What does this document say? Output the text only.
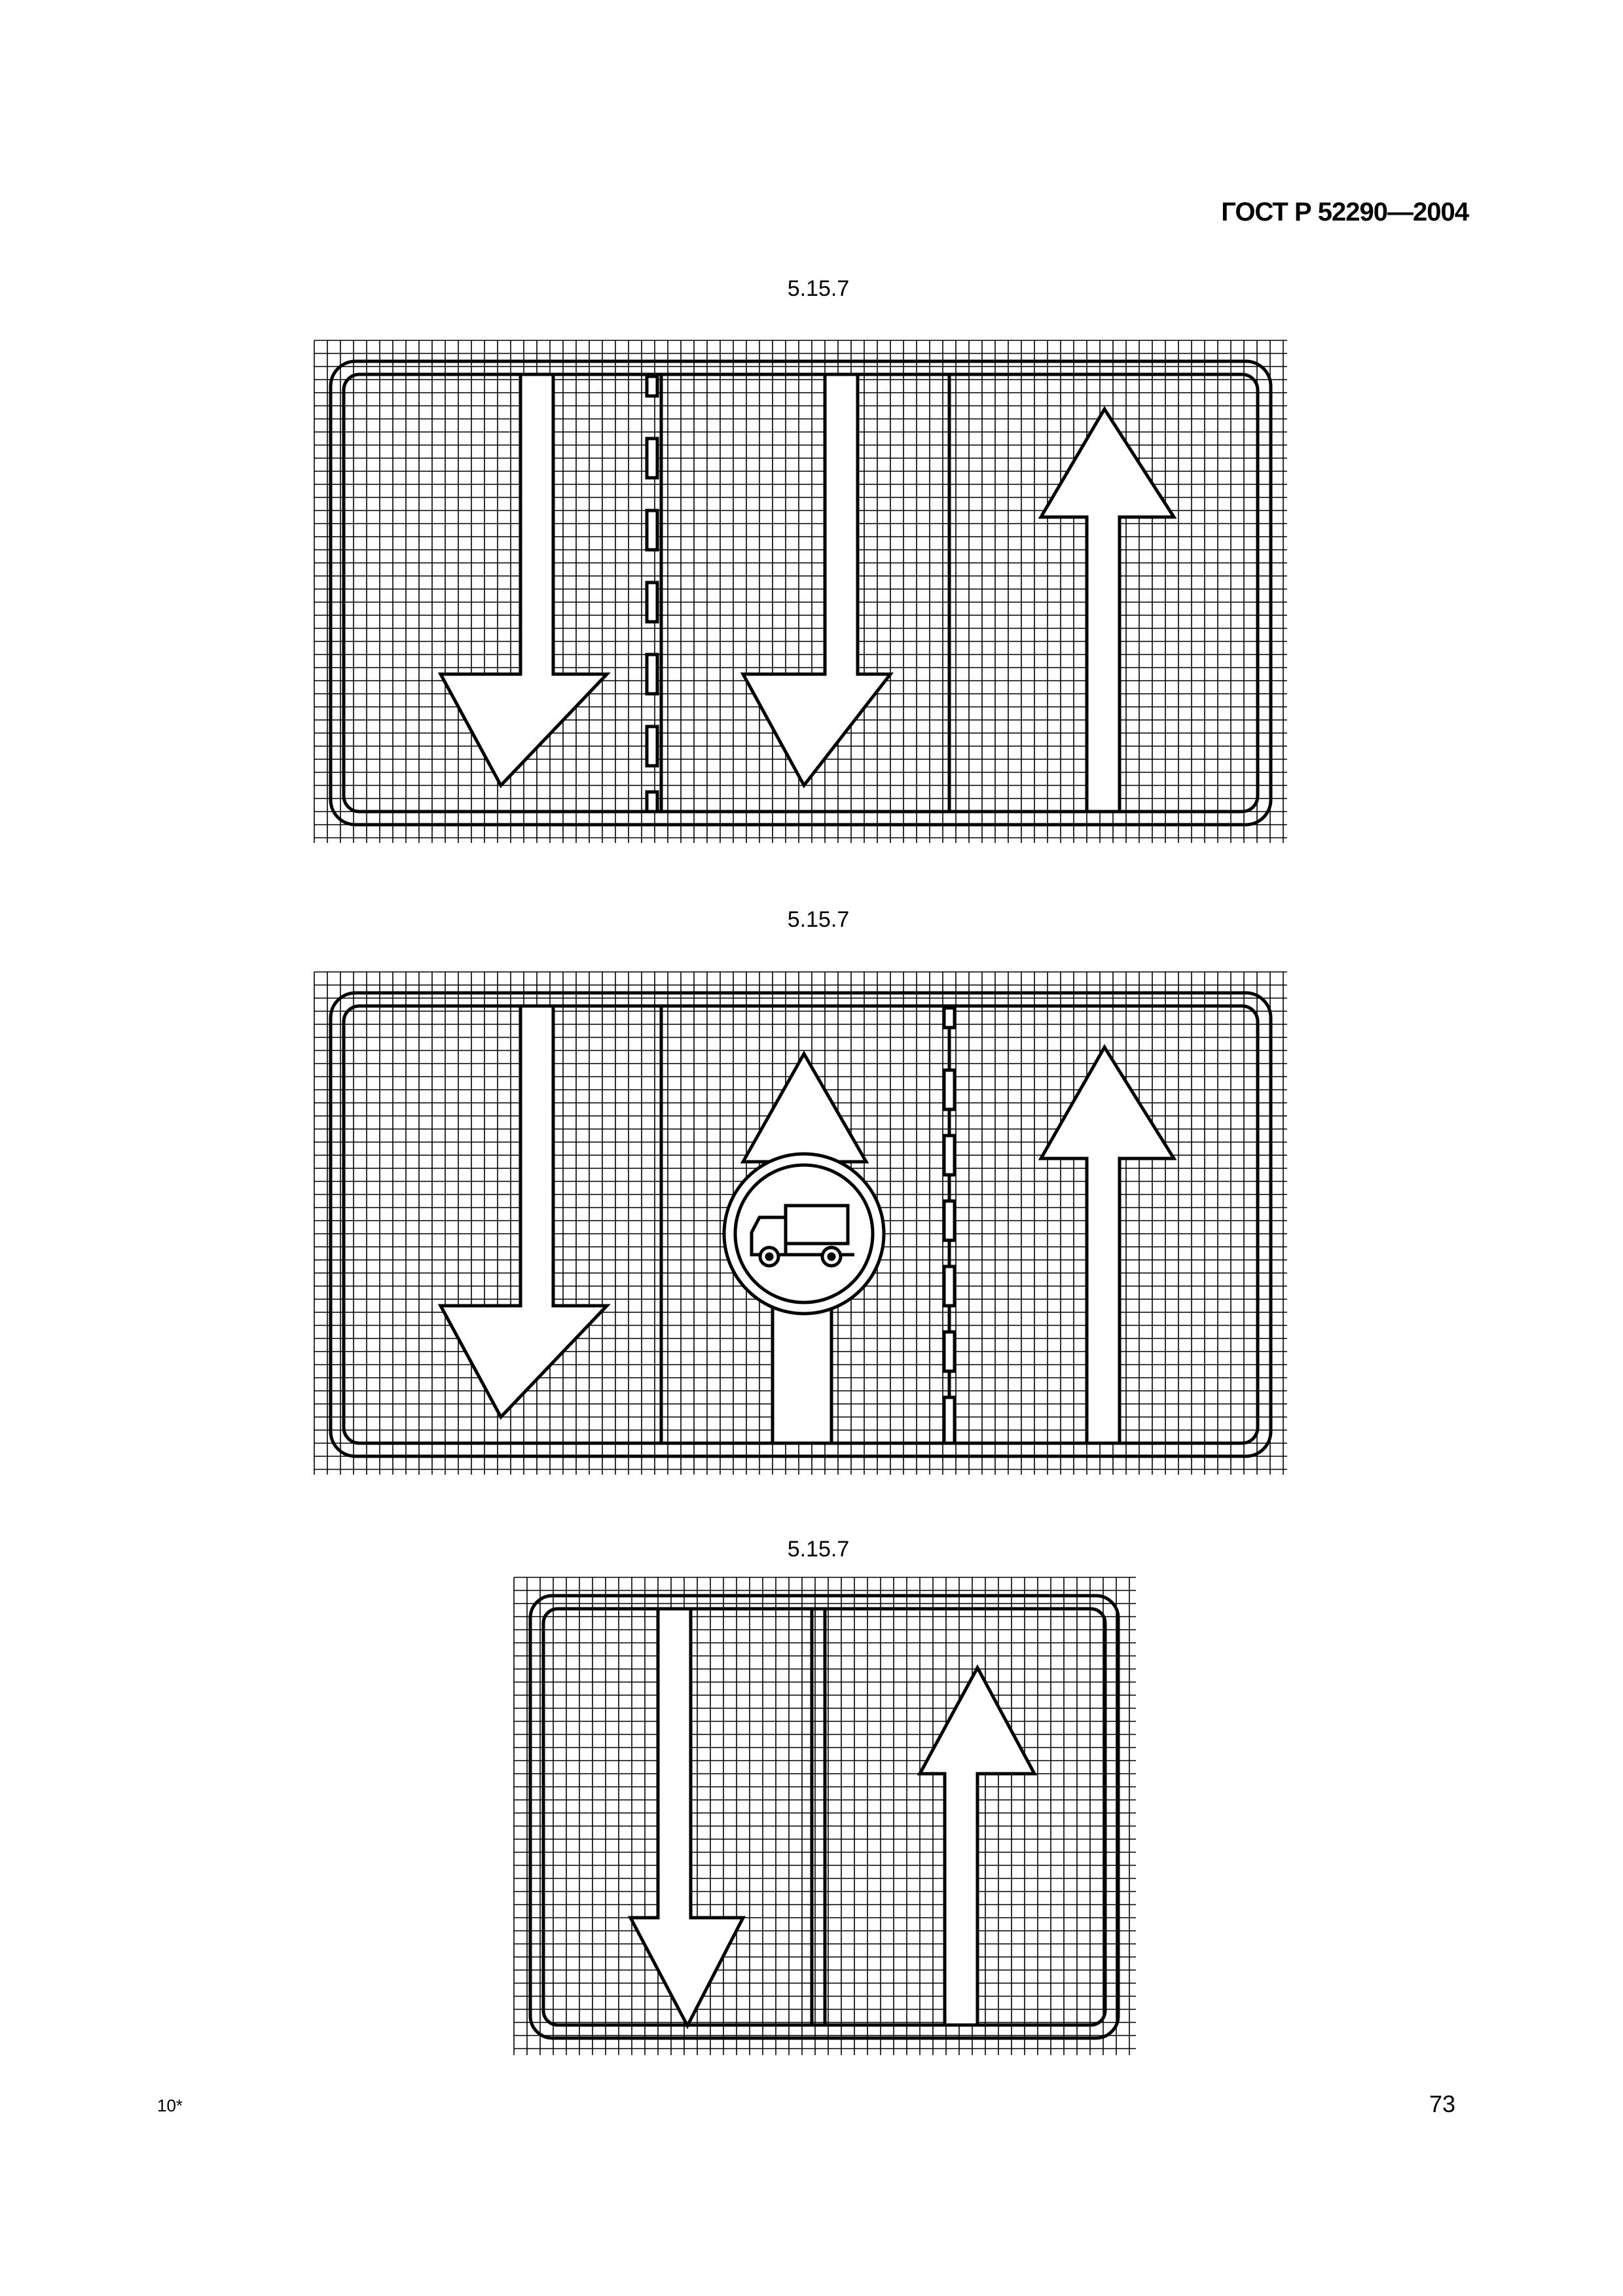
ГОСТ Р 52290—2004
5.15.7
5.15.7
5.15.7
10*	73
